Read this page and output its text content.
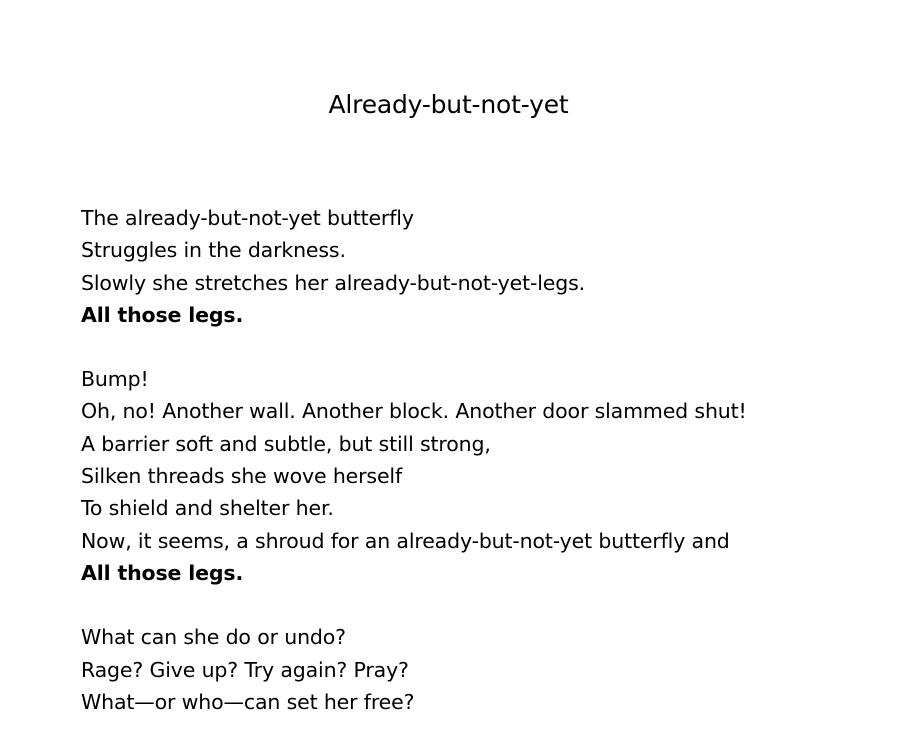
Already-but-not-yet
The already-but-not-yet butterfly
Struggles in the darkness.
Slowly she stretches her already-but-not-yet-legs.
All those legs.
Bump!
Oh, no! Another wall. Another block. Another door slammed shut!
A barrier soft and subtle, but still strong,
Silken threads she wove herself
To shield and shelter her.
Now, it seems, a shroud for an already-but-not-yet butterfly and
All those legs.
What can she do or undo?
Rage? Give up? Try again? Pray?
What—or who—can set her free?
